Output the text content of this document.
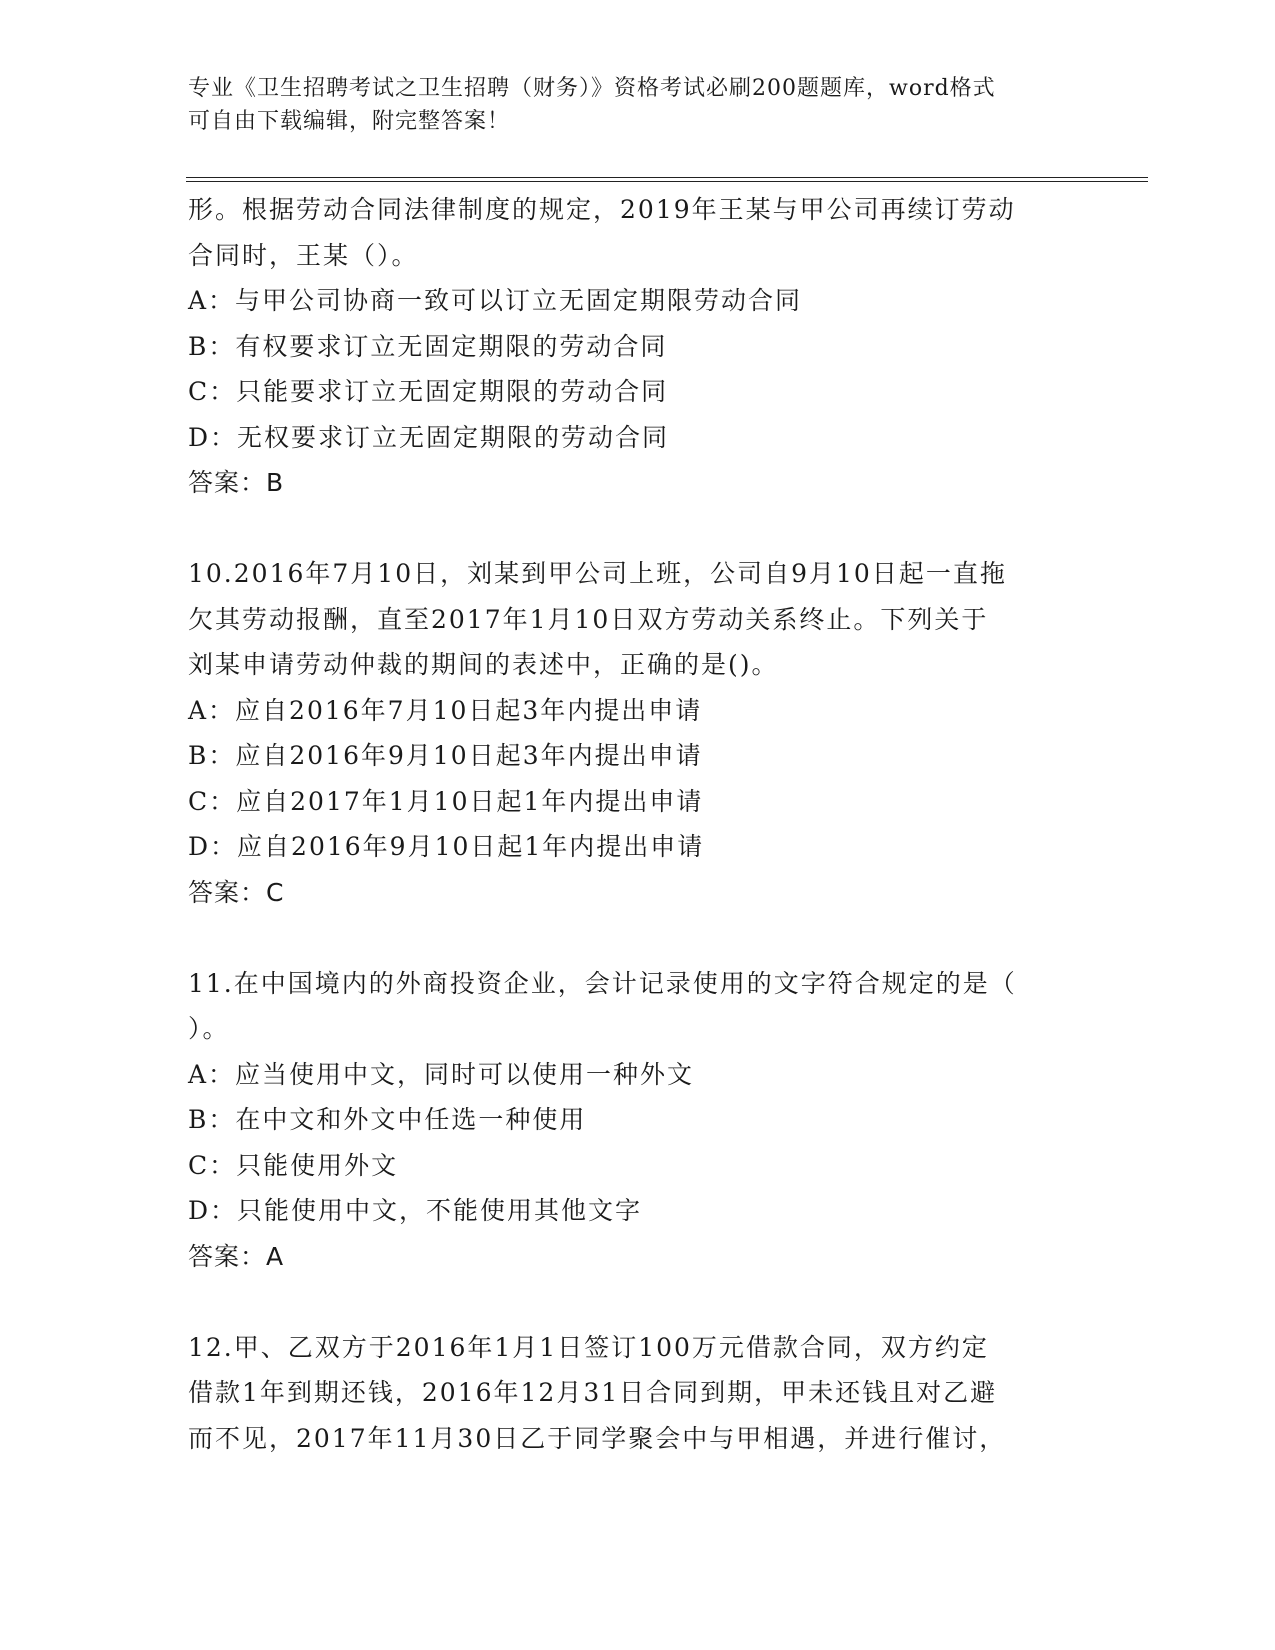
专业《卫生招聘考试之卫生招聘（财务）》资格考试必刷200题题库，word格式
可自由下载编辑，附完整答案！
形。根据劳动合同法律制度的规定，2019年王某与甲公司再续订劳动
合同时，王某（）。
A：与甲公司协商一致可以订立无固定期限劳动合同
B：有权要求订立无固定期限的劳动合同
C：只能要求订立无固定期限的劳动合同
D：无权要求订立无固定期限的劳动合同
答案：B
10.2016年7月10日，刘某到甲公司上班，公司自9月10日起一直拖
欠其劳动报酬，直至2017年1月10日双方劳动关系终止。下列关于
刘某申请劳动仲裁的期间的表述中，正确的是()。
A：应自2016年7月10日起3年内提出申请
B：应自2016年9月10日起3年内提出申请
C：应自2017年1月10日起1年内提出申请
D：应自2016年9月10日起1年内提出申请
答案：C
11.在中国境内的外商投资企业，会计记录使用的文字符合规定的是（
）。
A：应当使用中文，同时可以使用一种外文
B：在中文和外文中任选一种使用
C：只能使用外文
D：只能使用中文，不能使用其他文字
答案：A
12.甲、乙双方于2016年1月1日签订100万元借款合同，双方约定
借款1年到期还钱，2016年12月31日合同到期，甲未还钱且对乙避
而不见，2017年11月30日乙于同学聚会中与甲相遇，并进行催讨，
